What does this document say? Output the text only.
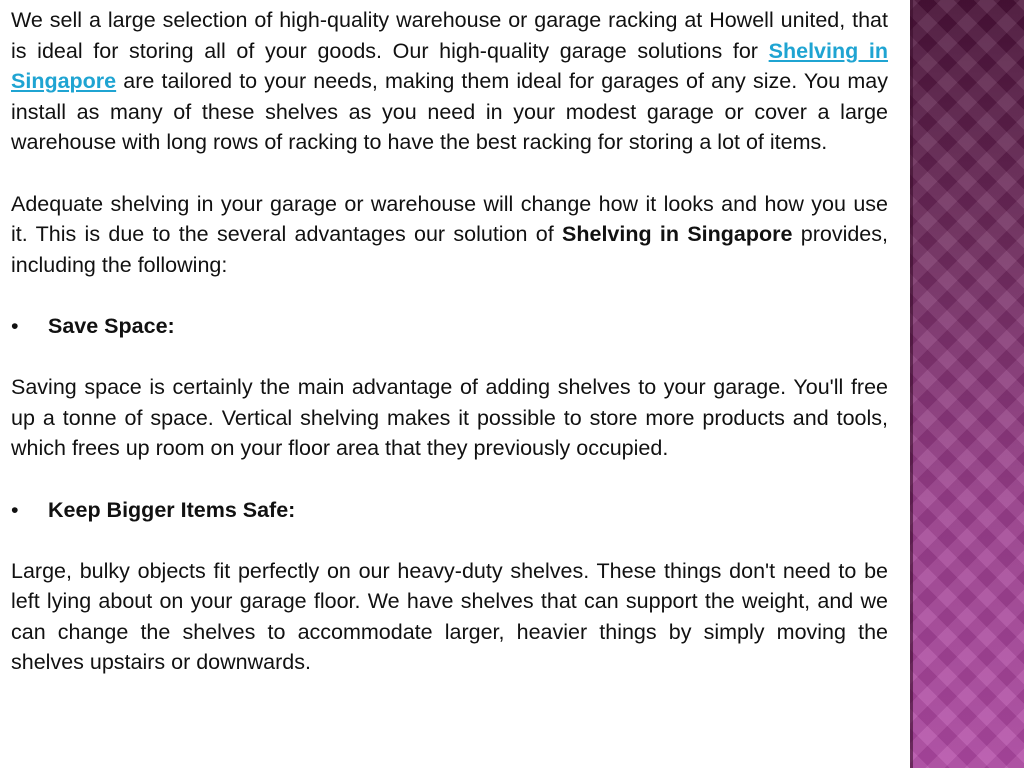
We sell a large selection of high-quality warehouse or garage racking at Howell united, that is ideal for storing all of your goods. Our high-quality garage solutions for Shelving in Singapore are tailored to your needs, making them ideal for garages of any size. You may install as many of these shelves as you need in your modest garage or cover a large warehouse with long rows of racking to have the best racking for storing a lot of items.

Adequate shelving in your garage or warehouse will change how it looks and how you use it. This is due to the several advantages our solution of Shelving in Singapore provides, including the following:

•	Save Space:

Saving space is certainly the main advantage of adding shelves to your garage. You'll free up a tonne of space. Vertical shelving makes it possible to store more products and tools, which frees up room on your floor area that they previously occupied.

•	Keep Bigger Items Safe:

Large, bulky objects fit perfectly on our heavy-duty shelves. These things don't need to be left lying about on your garage floor. We have shelves that can support the weight, and we can change the shelves to accommodate larger, heavier things by simply moving the shelves upstairs or downwards.
